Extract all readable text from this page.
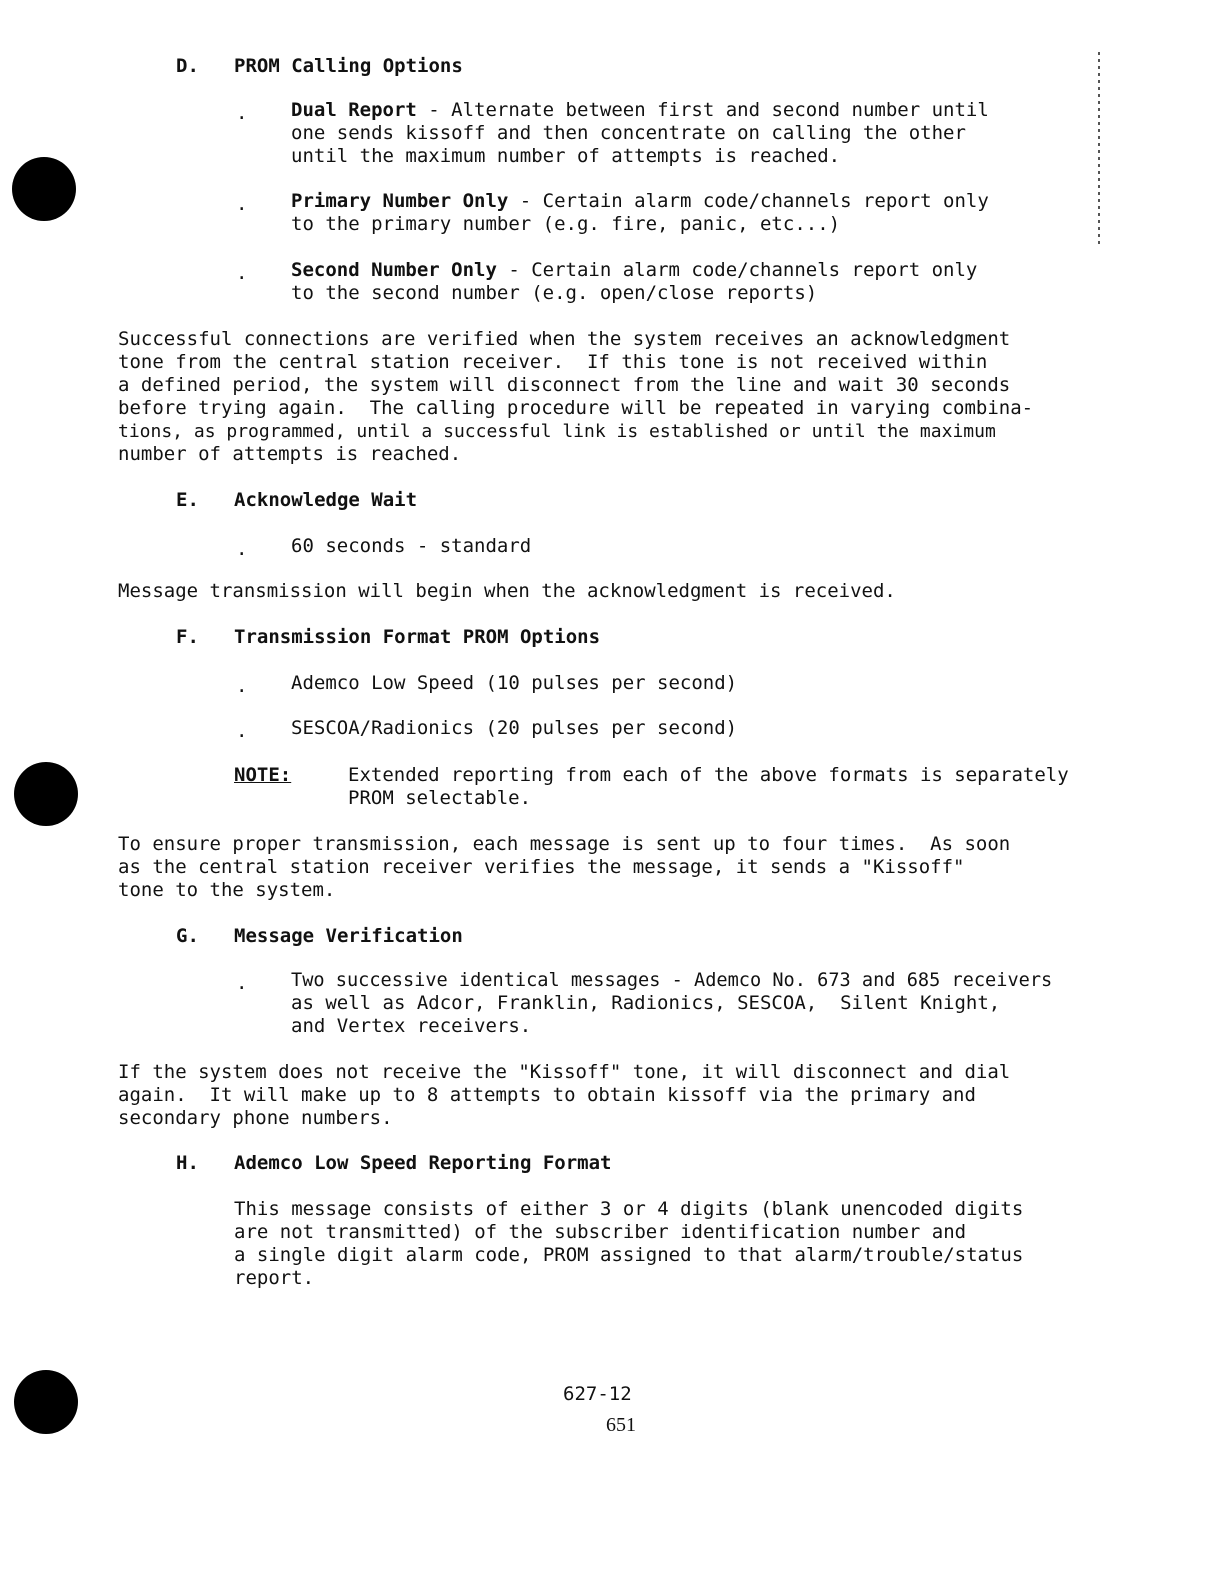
D. PROM Calling Options
. Dual Report - Alternate between first and second number until
one sends kissoff and then concentrate on calling the other
until the maximum number of attempts is reached.
. Primary Number Only - Certain alarm code/channels report only
to the primary number (e.g. fire, panic, etc...)
. Second Number Only - Certain alarm code/channels report only
to the second number (e.g. open/close reports)
Successful connections are verified when the system receives an acknowledgment
tone from the central station receiver.  If this tone is not received within
a defined period, the system will disconnect from the line and wait 30 seconds
before trying again.  The calling procedure will be repeated in varying combina-
tions, as programmed, until a successful link is established or until the maximum
number of attempts is reached.
E. Acknowledge Wait
. 60 seconds - standard
Message transmission will begin when the acknowledgment is received.
F. Transmission Format PROM Options
. Ademco Low Speed (10 pulses per second)
. SESCOA/Radionics (20 pulses per second)
NOTE:	Extended reporting from each of the above formats is separately
PROM selectable.
To ensure proper transmission, each message is sent up to four times.  As soon
as the central station receiver verifies the message, it sends a "Kissoff"
tone to the system.
G. Message Verification
. Two successive identical messages - Ademco No. 673 and 685 receivers
as well as Adcor, Franklin, Radionics, SESCOA,  Silent Knight,
and Vertex receivers.
If the system does not receive the "Kissoff" tone, it will disconnect and dial
again.  It will make up to 8 attempts to obtain kissoff via the primary and
secondary phone numbers.
H. Ademco Low Speed Reporting Format
This message consists of either 3 or 4 digits (blank unencoded digits
are not transmitted) of the subscriber identification number and
a single digit alarm code, PROM assigned to that alarm/trouble/status
report.
627-12
651
